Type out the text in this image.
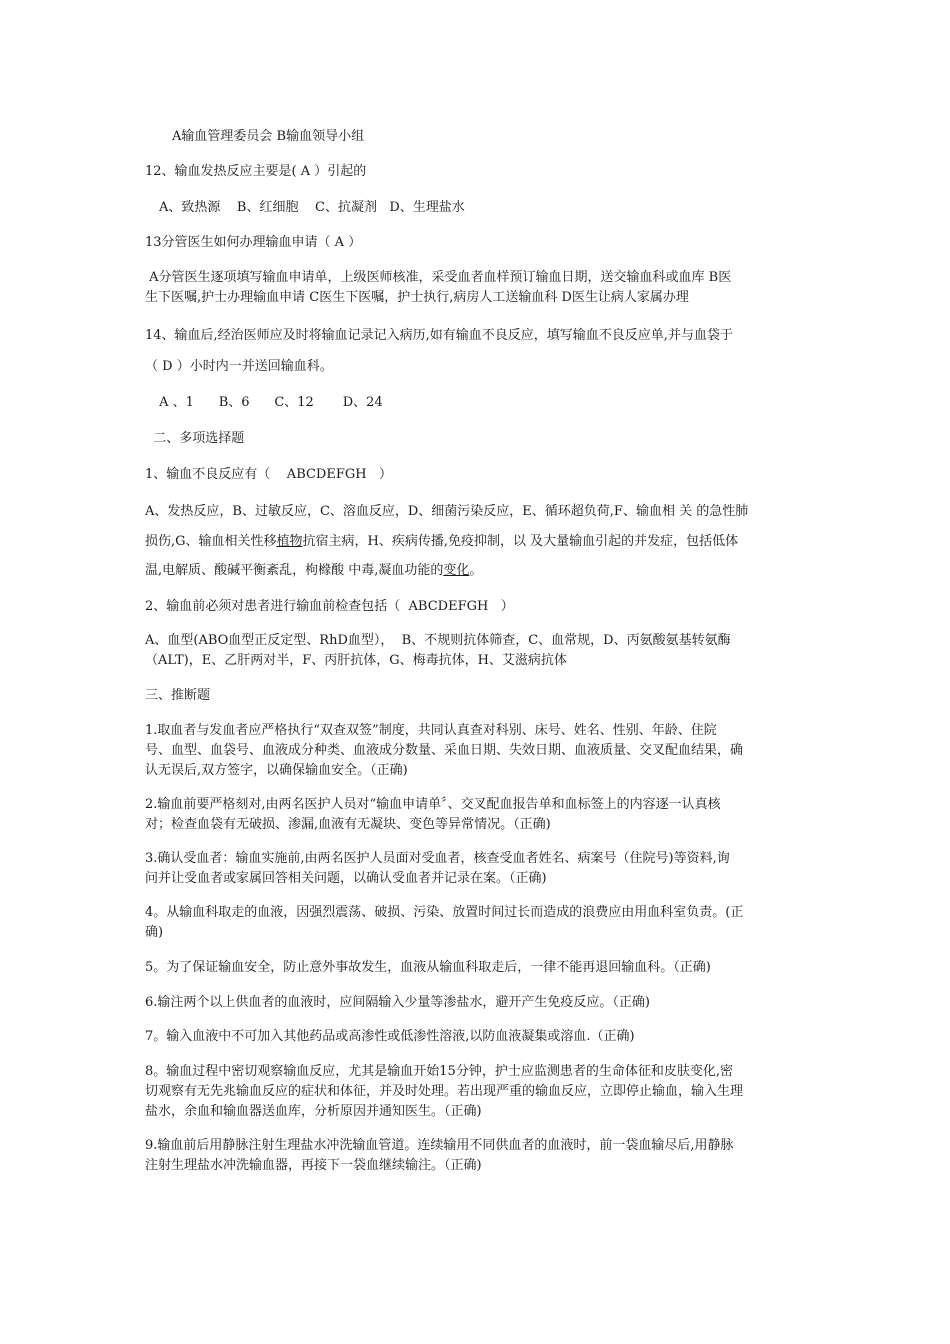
A输血管理委员会 B输血领导小组

12、输血发热反应主要是( A ）引起的

A、致热源    B、红细胞    C、抗凝剂   D、生理盐水

13分管医生如何办理输血申请（ A ）

A分管医生逐项填写输血申请单，上级医师核准，采受血者血样预订输血日期，送交输血科或血库 B医

生下医嘱,护士办理输血申请 C医生下医嘱，护士执行,病房人工送输血科 D医生让病人家属办理

14、输血后,经治医师应及时将输血记录记入病历,如有输血不良反应，填写输血不良反应单,并与血袋于

（ D ）小时内一并送回输血科。

A 、1      B、6      C、12       D、24

二、多项选择题

1、输血不良反应有（    ABCDEFGH   ）

A、发热反应，B、过敏反应，C、溶血反应，D、细菌污染反应，E、循环超负荷,F、输血相 关 的急性肺

损伤,G、输血相关性移植物抗宿主病，H、疾病传播,免疫抑制，以 及大量输血引起的并发症，包括低体

温,电解质、酸碱平衡紊乱，枸橼酸 中毒,凝血功能的变化。

2、输血前必须对患者进行输血前检查包括（  ABCDEFGH   ）

A、血型(ABO血型正反定型、RhD血型），  B、不规则抗体筛查，C、血常规，D、丙氨酸氨基转氨酶

（ALT)，E、乙肝两对半，F、丙肝抗体，G、梅毒抗体，H、艾滋病抗体

三、推断题

1.取血者与发血者应严格执行“双查双签”制度，共同认真查对科别、床号、姓名、性别、年龄、住院

号、血型、血袋号、血液成分种类、血液成分数量、采血日期、失效日期、血液质量、交叉配血结果，确

认无误后,双方签字，以确保输血安全。（正确)

2.输血前要严格刻对,由两名医护人员对“输血申请单〞、交叉配血报告单和血标签上的内容逐一认真核

对；检查血袋有无破损、渗漏,血液有无凝块、变色等异常情况。（正确)

3.确认受血者：输血实施前,由两名医护人员面对受血者，核查受血者姓名、病案号（住院号)等资料,询

问并让受血者或家属回答相关问题，以确认受血者并记录在案。（正确)

4。从输血科取走的血液，因强烈震荡、破损、污染、放置时间过长而造成的浪费应由用血科室负责。(正

确)

5。为了保证输血安全，防止意外事故发生，血液从输血科取走后，一律不能再退回输血科。（正确)

6.输注两个以上供血者的血液时，应间隔输入少量等渗盐水，避开产生免疫反应。（正确)

7。输入血液中不可加入其他药品或高渗性或低渗性溶液,以防血液凝集或溶血.（正确)

8。输血过程中密切观察输血反应，尤其是输血开始15分钟，护士应监测患者的生命体征和皮肤变化,密

切观察有无先兆输血反应的症状和体征，并及时处理。若出现严重的输血反应，立即停止输血，输入生理

盐水，余血和输血器送血库，分析原因并通知医生。（正确)

9.输血前后用静脉注射生理盐水冲洗输血管道。连续输用不同供血者的血液时，前一袋血输尽后,用静脉

注射生理盐水冲洗输血器，再接下一袋血继续输注。（正确)
